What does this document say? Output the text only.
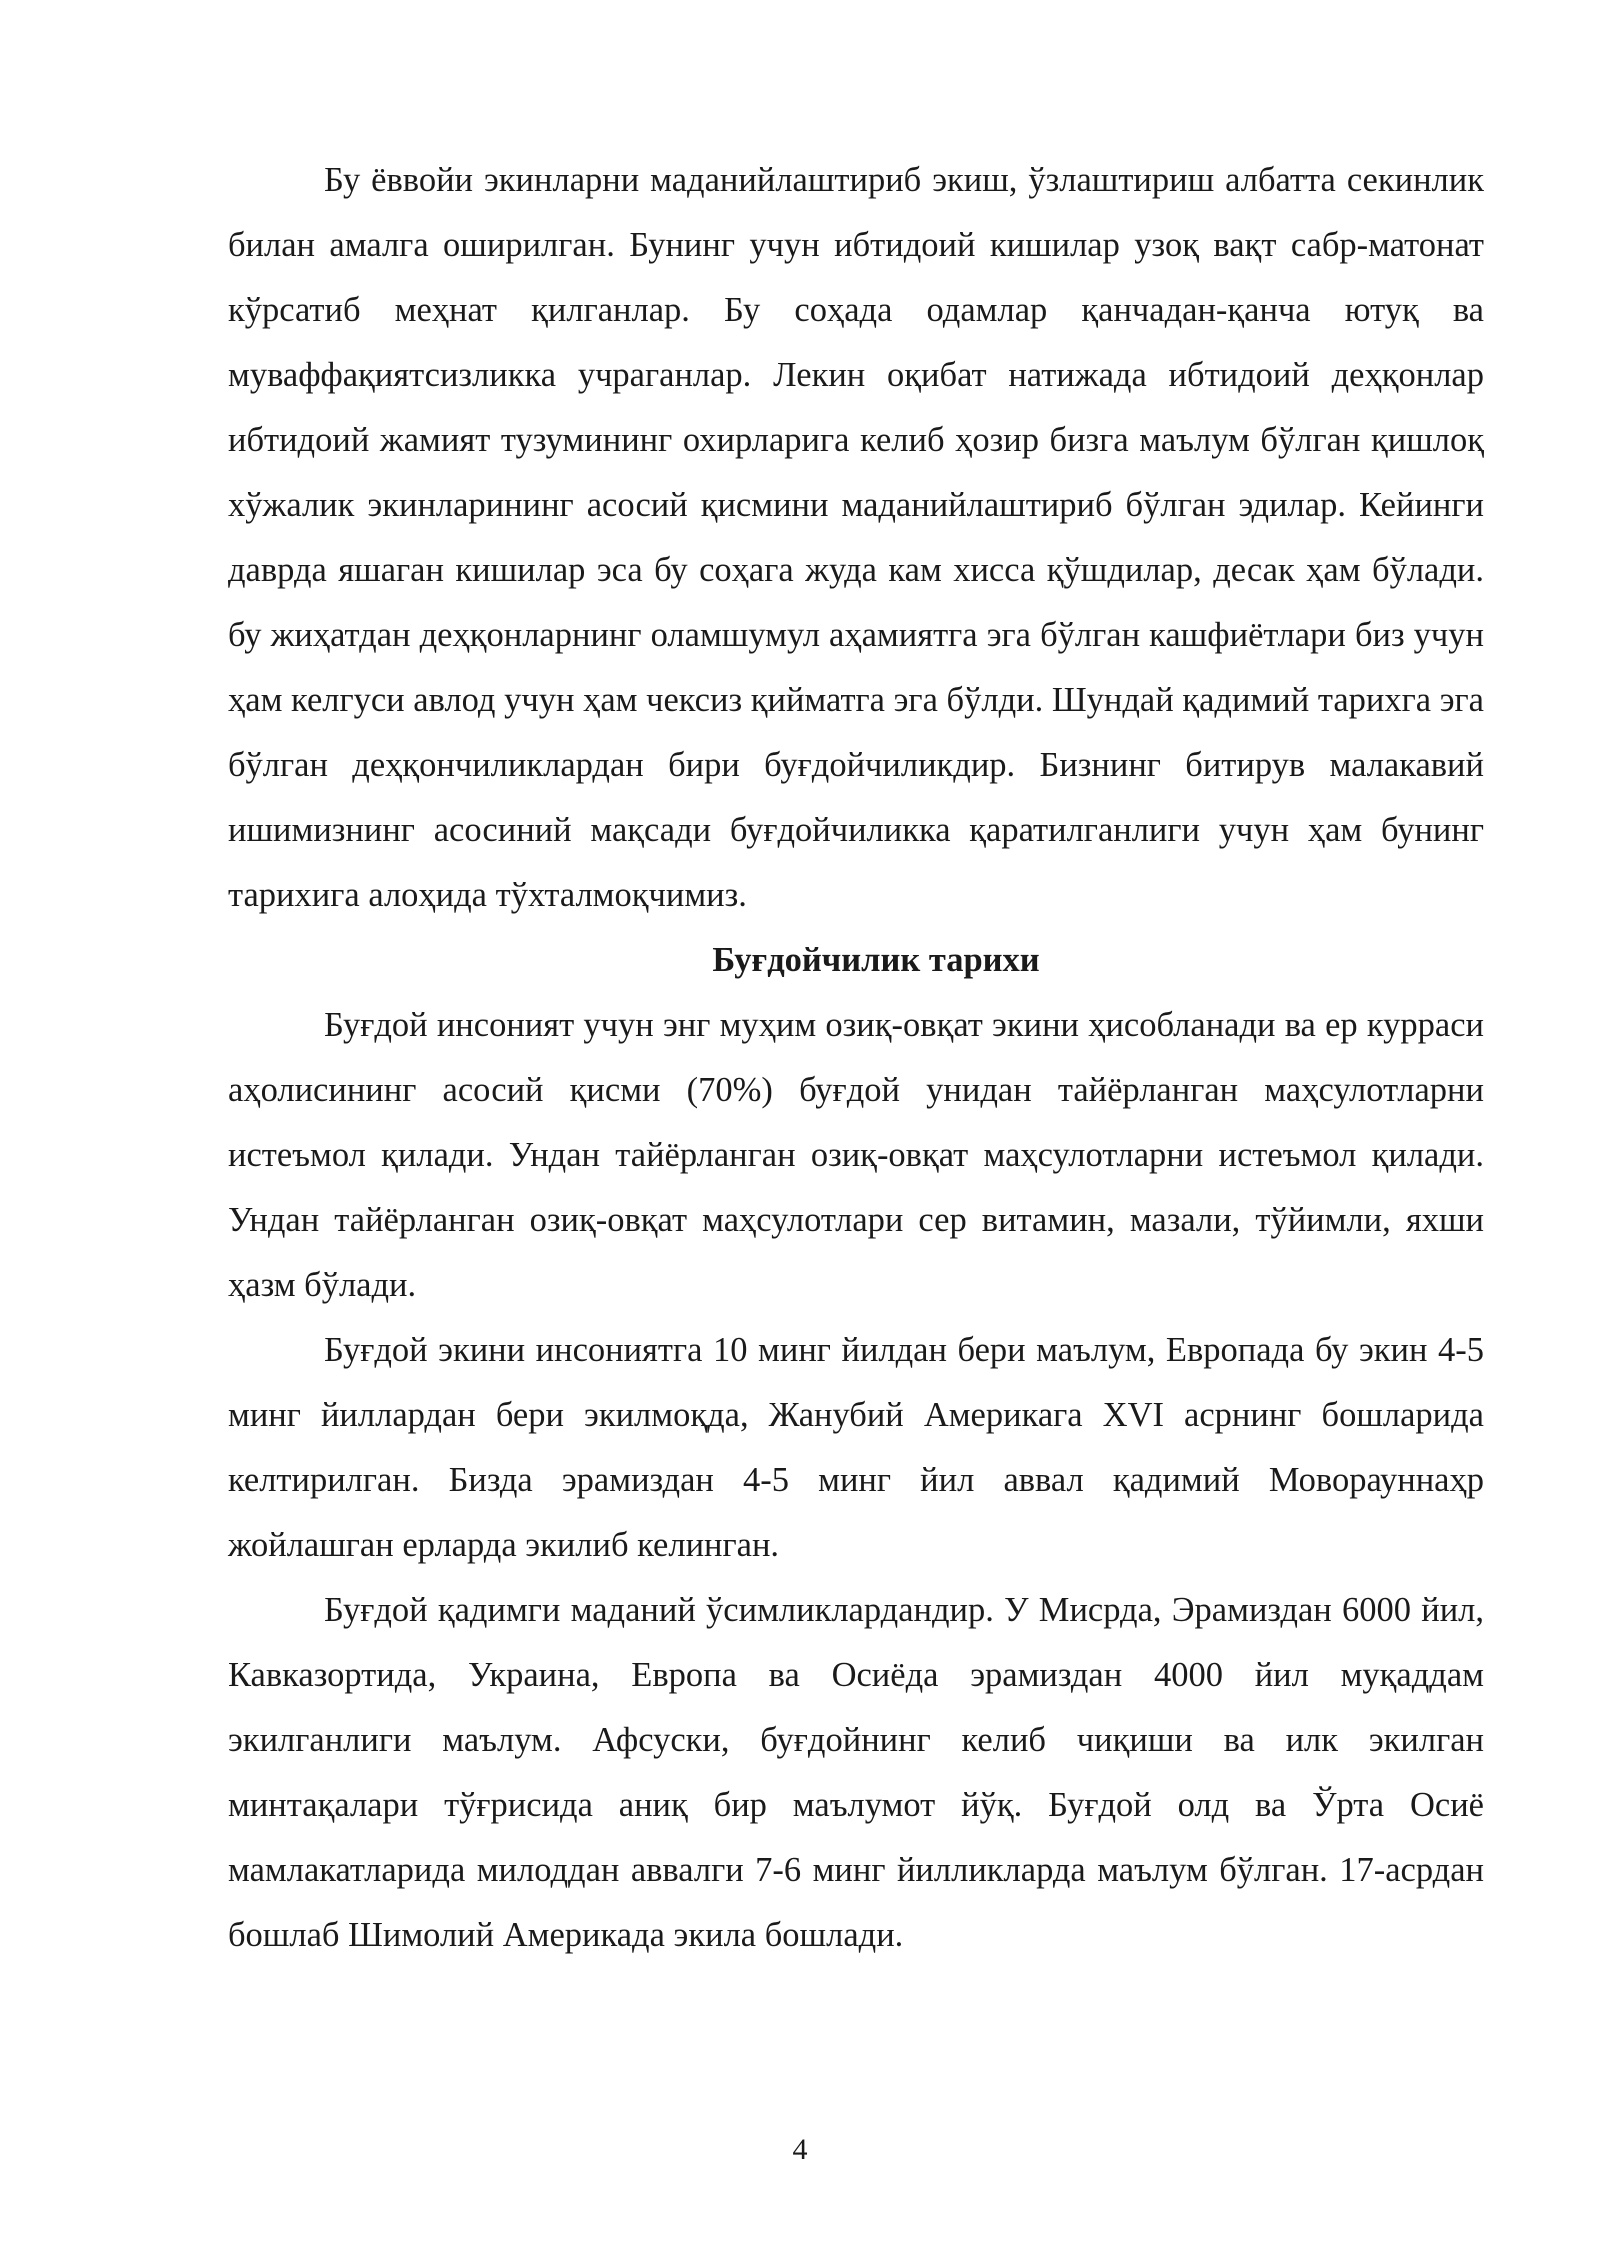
Бу ёввойи экинларни маданийлаштириб экиш, ўзлаштириш албатта секинлик билан амалга оширилган. Бунинг учун ибтидоий кишилар узоқ вақт сабр-матонат кўрсатиб меҳнат қилганлар. Бу соҳада одамлар қанчадан-қанча ютуқ ва муваффақиятсизликка учраганлар. Лекин оқибат натижада ибтидоий деҳқонлар ибтидоий жамият тузумининг охирларига келиб ҳозир бизга маълум бўлган қишлоқ хўжалик экинларининг асосий қисмини маданийлаштириб бўлган эдилар. Кейинги даврда яшаган кишилар эса бу соҳага жуда кам хисса қўшдилар, десак ҳам бўлади. бу жиҳатдан деҳқонларнинг оламшумул аҳамиятга эга бўлган кашфиётлари биз учун ҳам келгуси авлод учун ҳам чексиз қийматга эга бўлди. Шундай қадимий тарихга эга бўлган деҳқончиликлардан бири буғдойчиликдир. Бизнинг битирув малакавий ишимизнинг асосиний мақсади буғдойчиликка қаратилганлиги учун ҳам бунинг тарихига алоҳида тўхталмоқчимиз.

Буғдойчилик тарихи

Буғдой инсоният учун энг муҳим озиқ-овқат экини ҳисобланади ва ер курраси аҳолисининг асосий қисми (70%) буғдой унидан тайёрланган маҳсулотларни истеъмол қилади. Ундан тайёрланган озиқ-овқат маҳсулотларни истеъмол қилади. Ундан тайёрланган озиқ-овқат маҳсулотлари сер витамин, мазали, тўйимли, яхши ҳазм бўлади.

Буғдой экини инсониятга 10 минг йилдан бери маълум, Европада бу экин 4-5 минг йиллардан бери экилмоқда, Жанубий Америкага XVI асрнинг бошларида келтирилган. Бизда эрамиздан 4-5 минг йил аввал қадимий Моворауннаҳр жойлашган ерларда экилиб келинган.

Буғдой қадимги маданий ўсимликлардандир. У Мисрда, Эрамиздан 6000 йил, Кавказортида, Украина, Европа ва Осиёда эрамиздан 4000 йил муқаддам экилганлиги маълум. Афсуски, буғдойнинг келиб чиқиши ва илк экилган минтақалари тўғрисида аниқ бир маълумот йўқ. Буғдой олд ва Ўрта Осиё мамлакатларида милоддан аввалги 7-6 минг йилликларда маълум бўлган. 17-асрдан бошлаб Шимолий Америкада экила бошлади.

4
